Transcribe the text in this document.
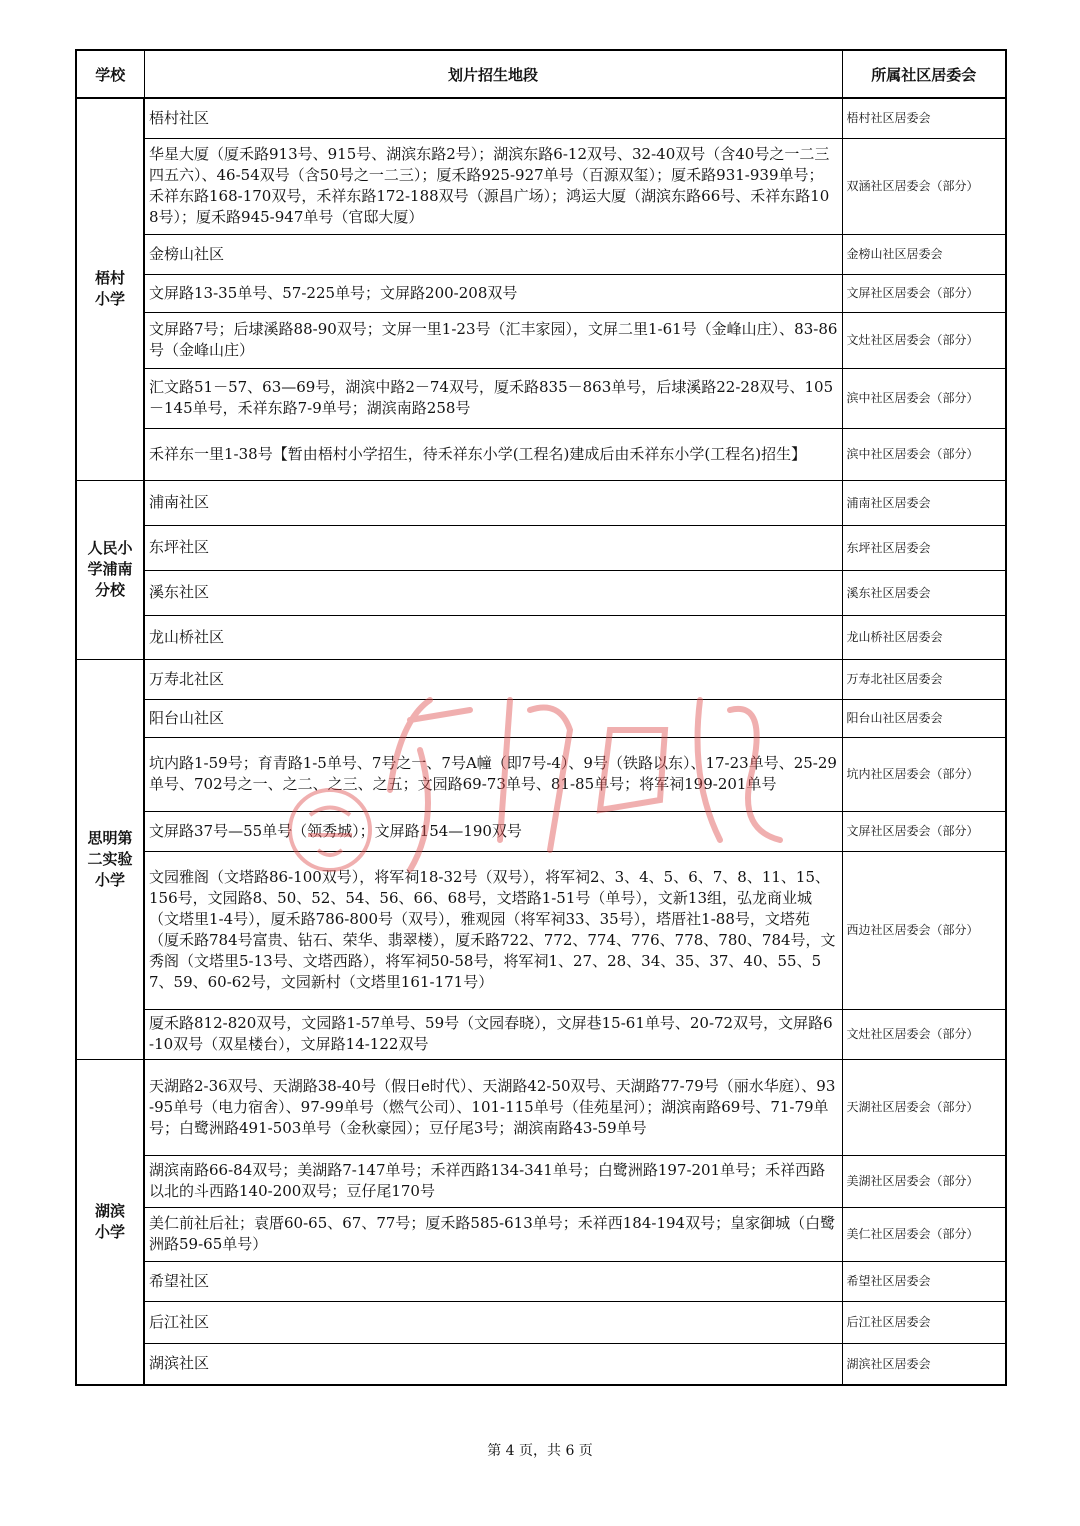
学校	划片招生地段	所属社区居委会
梧村
小学	梧村社区	梧村社区居委会
	华星大厦（厦禾路913号、915号、湖滨东路2号）；湖滨东路6-12双号、32-40双号（含40号之一二三四五六）、46-54双号（含50号之一二三）；厦禾路925-927单号（百源双玺）；厦禾路931-939单号；禾祥东路168-170双号，禾祥东路172-188双号（源昌广场）；鸿运大厦（湖滨东路66号、禾祥东路108号）；厦禾路945-947单号（官邸大厦）	双涵社区居委会（部分）
	金榜山社区	金榜山社区居委会
	文屏路13-35单号、57-225单号；文屏路200-208双号	文屏社区居委会（部分）
	文屏路7号；后埭溪路88-90双号；文屏一里1-23号（汇丰家园），文屏二里1-61号（金峰山庄）、83-86号（金峰山庄）	文灶社区居委会（部分）
	汇文路51－57、63—69号，湖滨中路2－74双号，厦禾路835－863单号，后埭溪路22-28双号、105－145单号，禾祥东路7-9单号；湖滨南路258号	滨中社区居委会（部分）
	禾祥东一里1-38号【暂由梧村小学招生，待禾祥东小学(工程名)建成后由禾祥东小学(工程名)招生】	滨中社区居委会（部分）
人民小
学浦南
分校	浦南社区	浦南社区居委会
	东坪社区	东坪社区居委会
	溪东社区	溪东社区居委会
	龙山桥社区	龙山桥社区居委会
思明第
二实验
小学	万寿北社区	万寿北社区居委会
	阳台山社区	阳台山社区居委会
	坑内路1-59号；育青路1-5单号、7号之一、7号A幢（即7号-4）、9号（铁路以东）、17-23单号、25-29单号、702号之一、之二、之三、之五；文园路69-73单号、81-85单号；将军祠199-201单号	坑内社区居委会（部分）
	文屏路37号—55单号（领秀城）；文屏路154—190双号	文屏社区居委会（部分）
	文园雅阁（文塔路86-100双号），将军祠18-32号（双号），将军祠2、3、4、5、6、7、8、11、15、156号，文园路8、50、52、54、56、66、68号，文塔路1-51号（单号），文新13组，弘龙商业城（文塔里1-4号），厦禾路786-800号（双号），雅观园（将军祠33、35号），塔厝社1-88号，文塔苑（厦禾路784号富贵、钻石、荣华、翡翠楼），厦禾路722、772、774、776、778、780、784号，文秀阁（文塔里5-13号、文塔西路），将军祠50-58号，将军祠1、27、28、34、35、37、40、55、57、59、60-62号，文园新村（文塔里161-171号）	西边社区居委会（部分）
	厦禾路812-820双号，文园路1-57单号、59号（文园春晓），文屏巷15-61单号、20-72双号，文屏路6-10双号（双星楼台），文屏路14-122双号	文灶社区居委会（部分）
湖滨
小学	天湖路2-36双号、天湖路38-40号（假日e时代）、天湖路42-50双号、天湖路77-79号（丽水华庭）、93-95单号（电力宿舍）、97-99单号（燃气公司）、101-115单号（佳苑星河）；湖滨南路69号、71-79单号；白鹭洲路491-503单号（金秋豪园）；豆仔尾3号；湖滨南路43-59单号	天湖社区居委会（部分）
	湖滨南路66-84双号；美湖路7-147单号；禾祥西路134-341单号；白鹭洲路197-201单号；禾祥西路以北的斗西路140-200双号；豆仔尾170号	美湖社区居委会（部分）
	美仁前社后社；袁厝60-65、67、77号；厦禾路585-613单号；禾祥西184-194双号；皇家御城（白鹭洲路59-65单号）	美仁社区居委会（部分）
	希望社区	希望社区居委会
	后江社区	后江社区居委会
	湖滨社区	湖滨社区居委会
第 4 页，共 6 页
